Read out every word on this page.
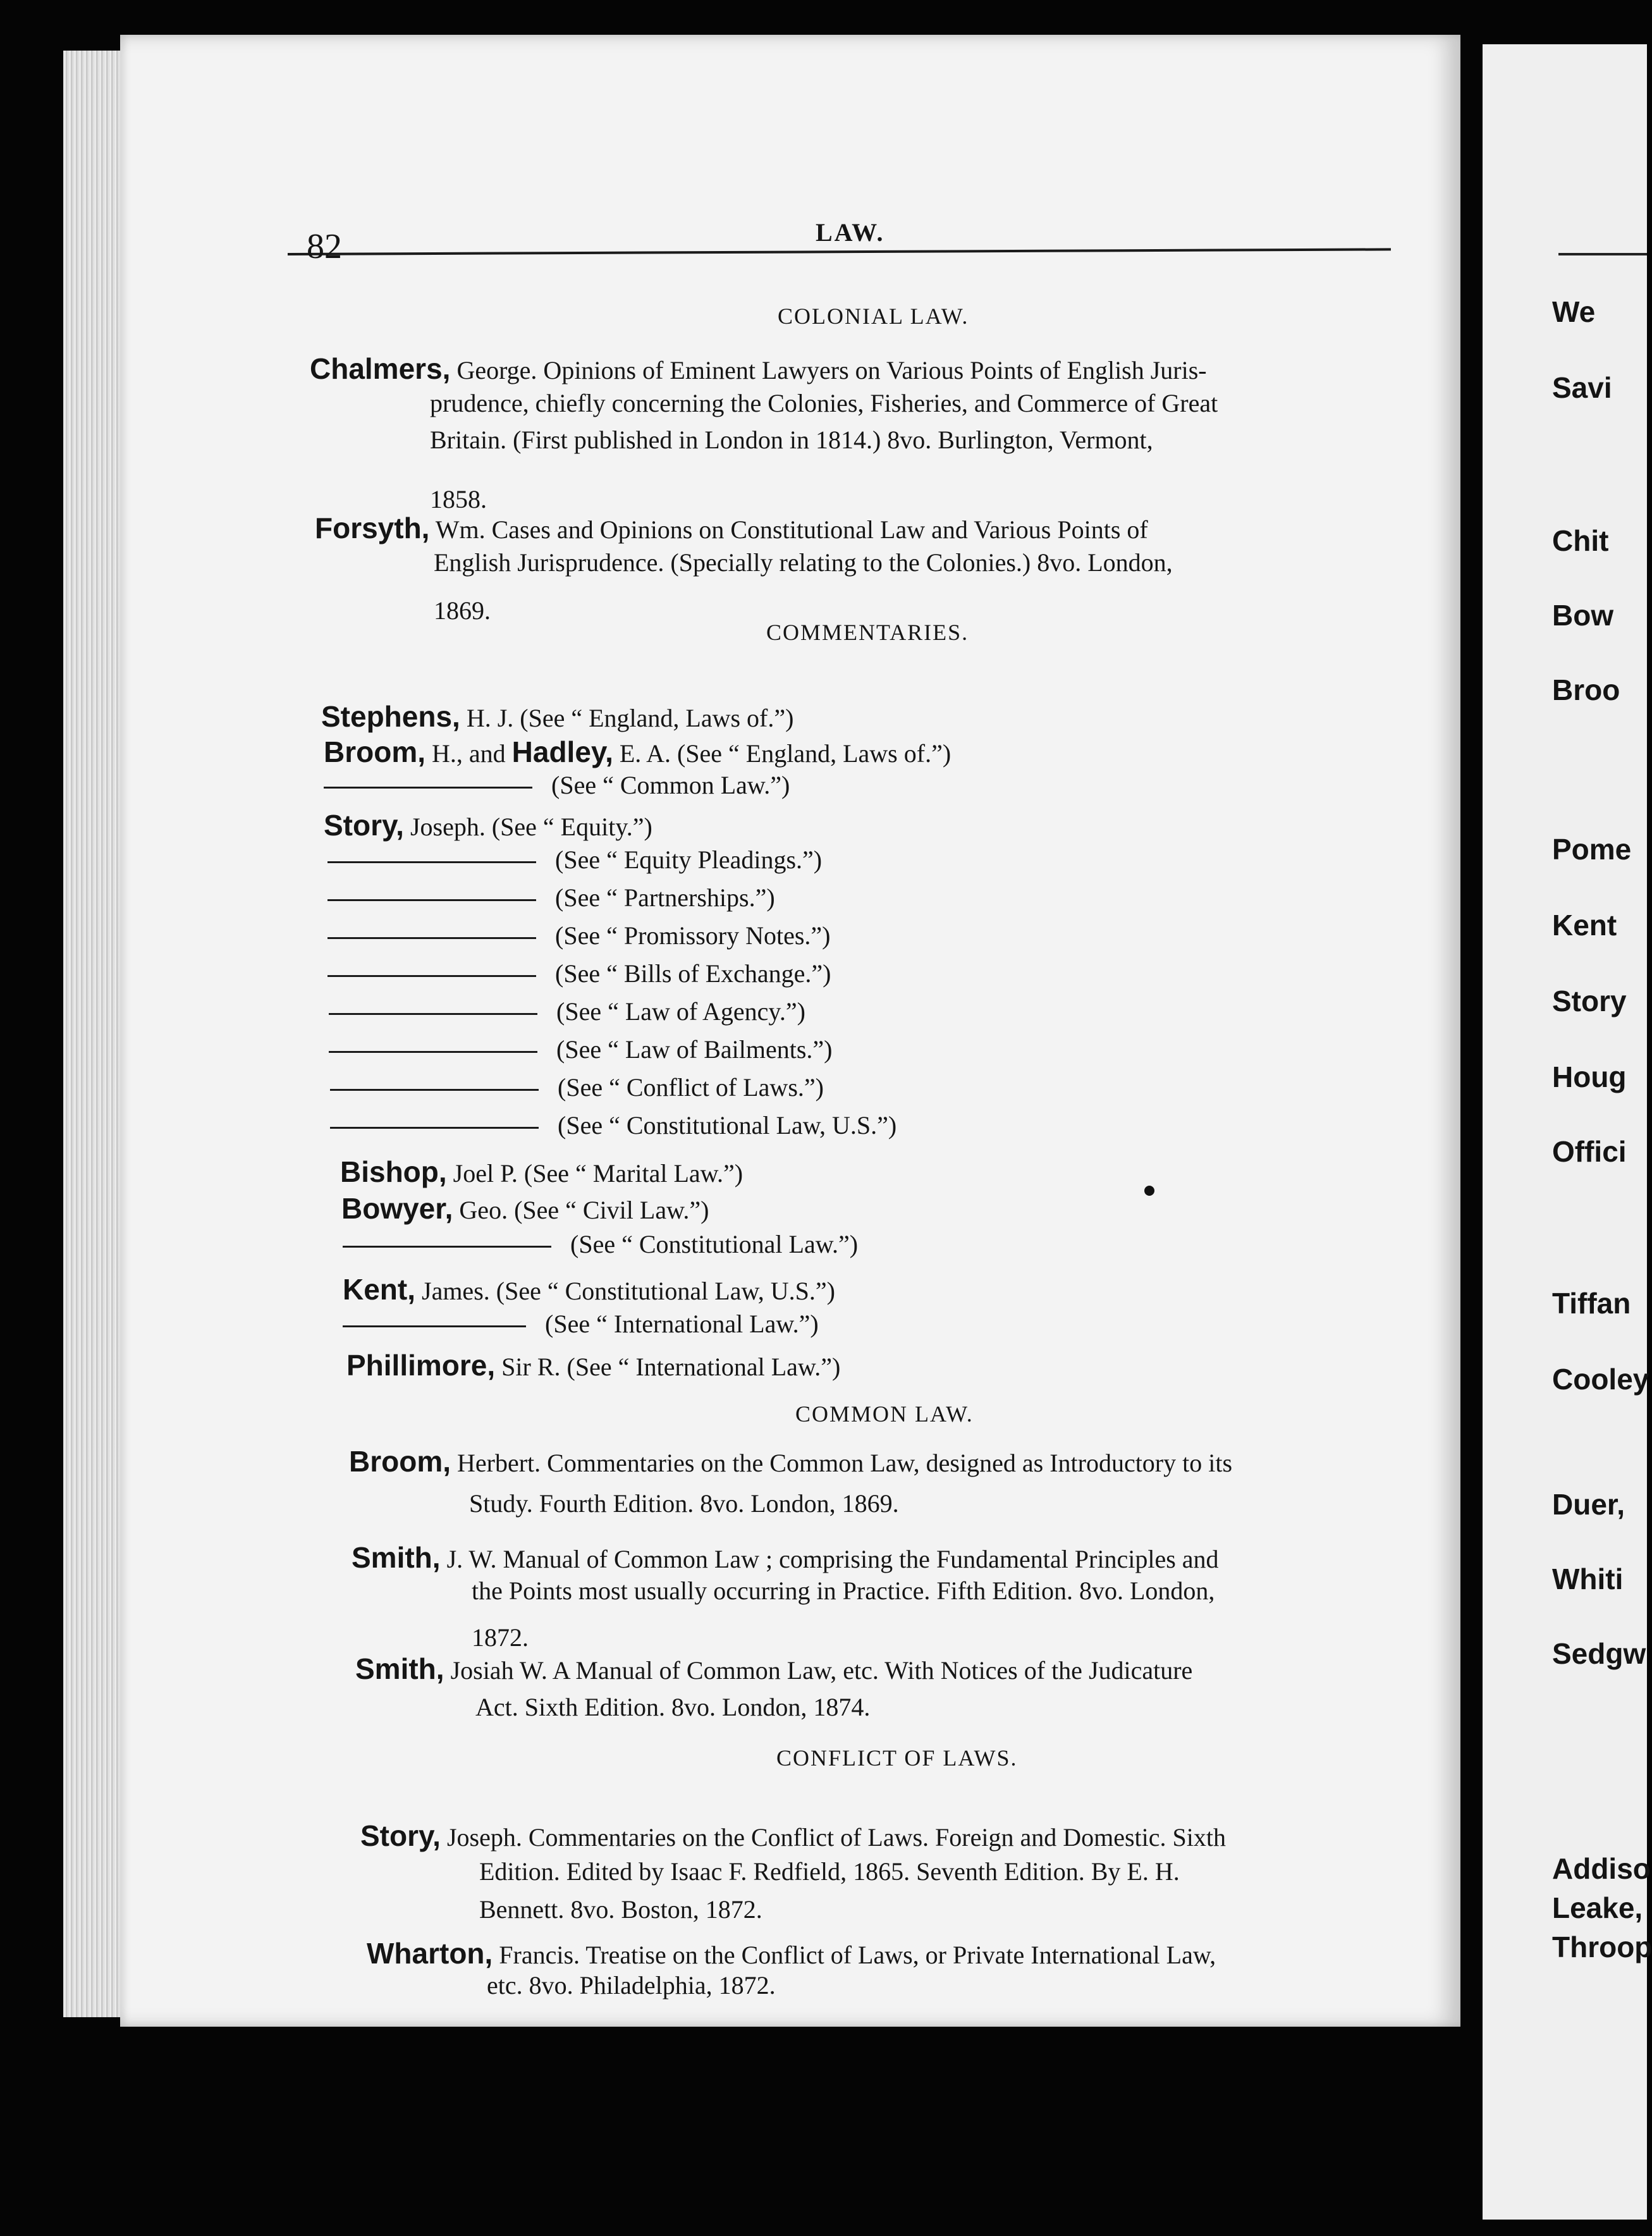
82	LAW.
COLONIAL LAW.
Chalmers, George. Opinions of Eminent Lawyers on Various Points of English Juris-
prudence, chiefly concerning the Colonies, Fisheries, and Commerce of Great
Britain. (First published in London in 1814.) 8vo. Burlington, Vermont,
1858.
Forsyth, Wm. Cases and Opinions on Constitutional Law and Various Points of
English Jurisprudence. (Specially relating to the Colonies.) 8vo. London,
1869.
COMMENTARIES.
Stephens, H. J. (See “ England, Laws of.”)
Broom, H., and Hadley, E. A. (See “ England, Laws of.”)
(See “ Common Law.”)
Story, Joseph. (See “ Equity.”)
(See “ Equity Pleadings.”)
(See “ Partnerships.”)
(See “ Promissory Notes.”)
(See “ Bills of Exchange.”)
(See “ Law of Agency.”)
(See “ Law of Bailments.”)
(See “ Conflict of Laws.”)
(See “ Constitutional Law, U.S.”)
Bishop, Joel P. (See “ Marital Law.”)
Bowyer, Geo. (See “ Civil Law.”)
(See “ Constitutional Law.”)
Kent, James. (See “ Constitutional Law, U.S.”)
(See “ International Law.”)
Phillimore, Sir R. (See “ International Law.”)
COMMON LAW.
Broom, Herbert. Commentaries on the Common Law, designed as Introductory to its
Study. Fourth Edition. 8vo. London, 1869.
Smith, J. W. Manual of Common Law ; comprising the Fundamental Principles and
the Points most usually occurring in Practice. Fifth Edition. 8vo. London,
1872.
Smith, Josiah W. A Manual of Common Law, etc. With Notices of the Judicature
Act. Sixth Edition. 8vo. London, 1874.
CONFLICT OF LAWS.
Story, Joseph. Commentaries on the Conflict of Laws. Foreign and Domestic. Sixth
Edition. Edited by Isaac F. Redfield, 1865. Seventh Edition. By E. H.
Bennett. 8vo. Boston, 1872.
Wharton, Francis. Treatise on the Conflict of Laws, or Private International Law,
etc. 8vo. Philadelphia, 1872.
We
Savi
Chit
Bow
Broo
Pome
Kent
Story
Houg
Offici
Tiffan
Cooley
Duer,
Whiti
Sedgw
Addiso
Leake,
Throop
